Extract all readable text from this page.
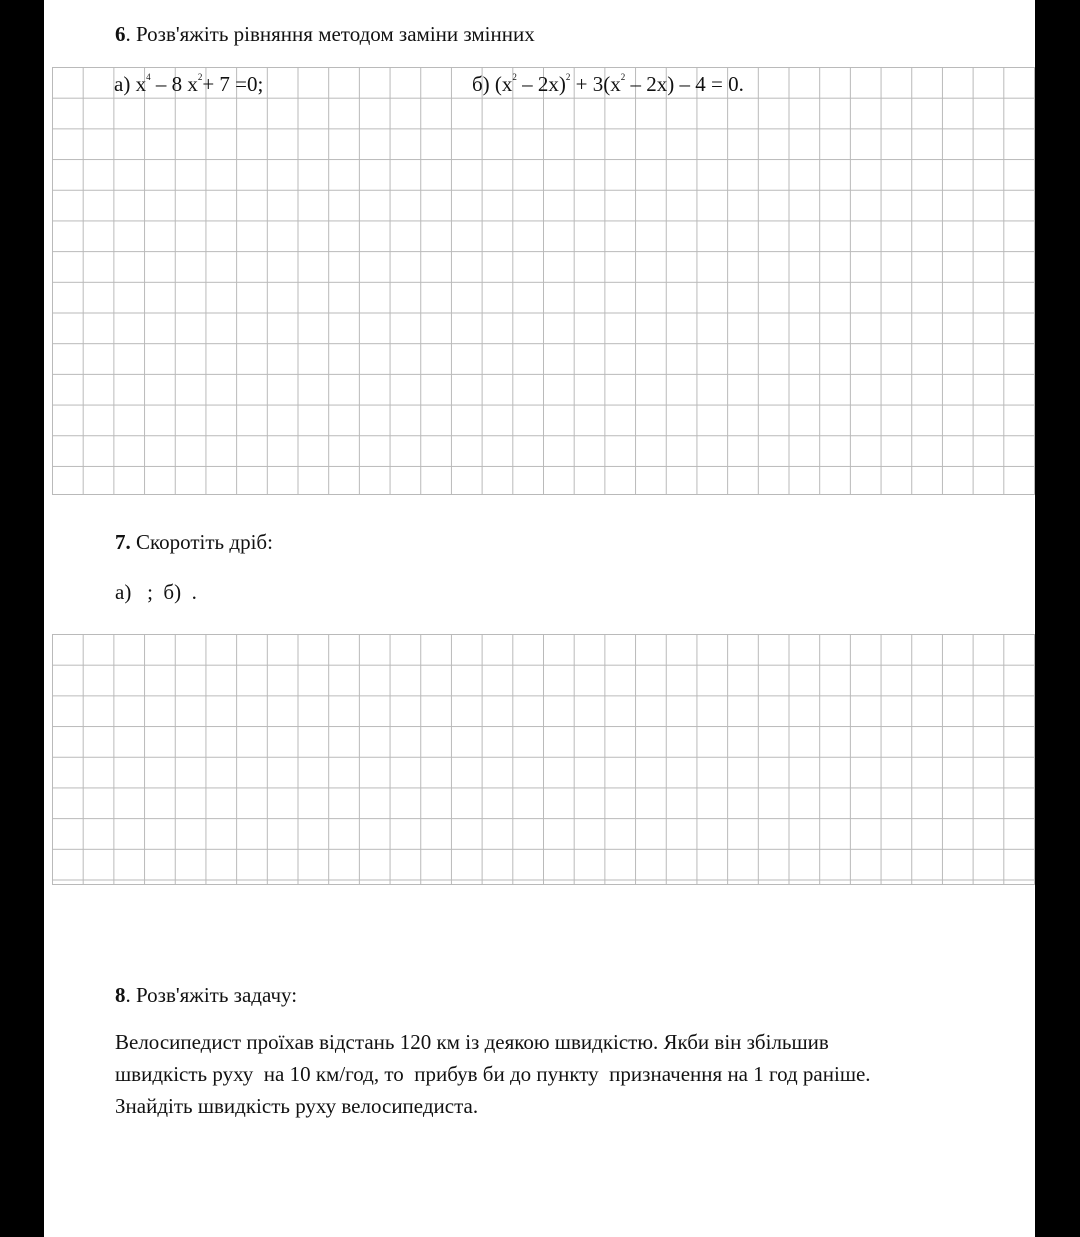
6. Розв'яжіть рівняння методом заміни змінних
а) $x^4 - 8$ $x^2+ 7 =0$;	б) $(x^2 - 2x)^2 + 3(x^2 - 2x) - 4 = 0$.
7. Скоротіть дріб:
а)   ;  б)  .
8. Розв'яжіть задачу:
Велосипедист проїхав відстань 120 км із деякою швидкістю. Якби він збільшив
швидкість руху  на 10 км/год, то  прибув би до пункту  призначення на 1 год раніше.
Знайдіть швидкість руху велосипедиста.
